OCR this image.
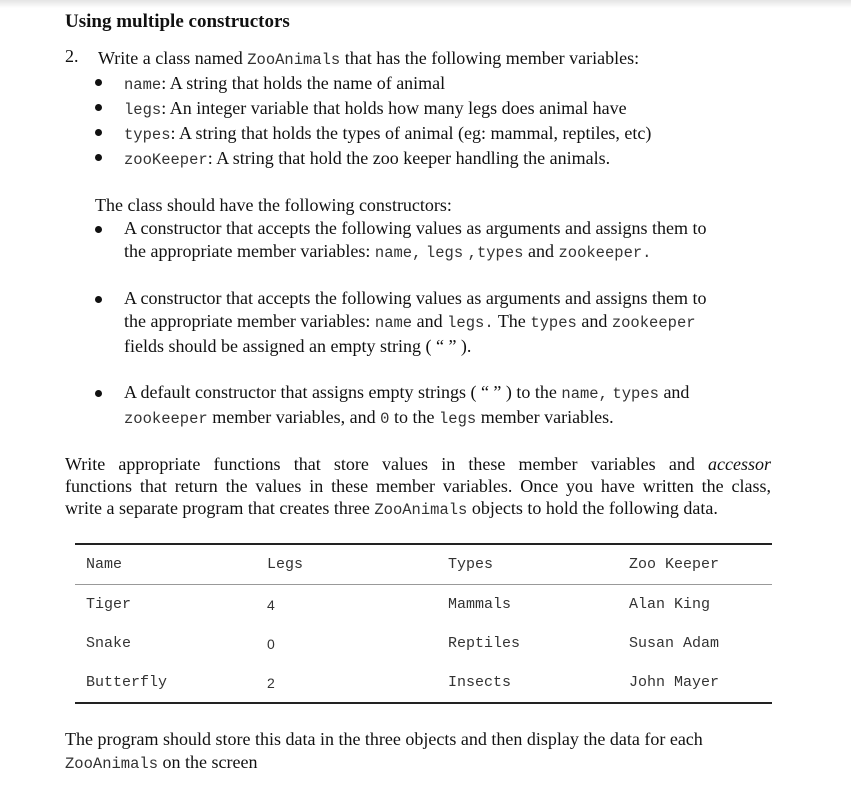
Using multiple constructors
2. Write a class named ZooAnimals that has the following member variables:
name: A string that holds the name of animal
legs: An integer variable that holds how many legs does animal have
types: A string that holds the types of animal (eg: mammal, reptiles, etc)
zooKeeper: A string that hold the zoo keeper handling the animals.
The class should have the following constructors:
A constructor that accepts the following values as arguments and assigns them to
the appropriate member variables: name, legs ,types and zookeeper.
A constructor that accepts the following values as arguments and assigns them to
the appropriate member variables: name and legs. The types and zookeeper
fields should be assigned an empty string ( “ ” ).
A default constructor that assigns empty strings ( “ ” ) to the name, types and
zookeeper member variables, and 0 to the legs member variables.
Write appropriate functions that store values in these member variables and accessor
functions that return the values in these member variables. Once you have written the class,
write a separate program that creates three ZooAnimals objects to hold the following data.
Name	Legs	Types	Zoo Keeper
Tiger	4	Mammals	Alan King
Snake	0	Reptiles	Susan Adam
Butterfly	2	Insects	John Mayer
The program should store this data in the three objects and then display the data for each
ZooAnimals on the screen
